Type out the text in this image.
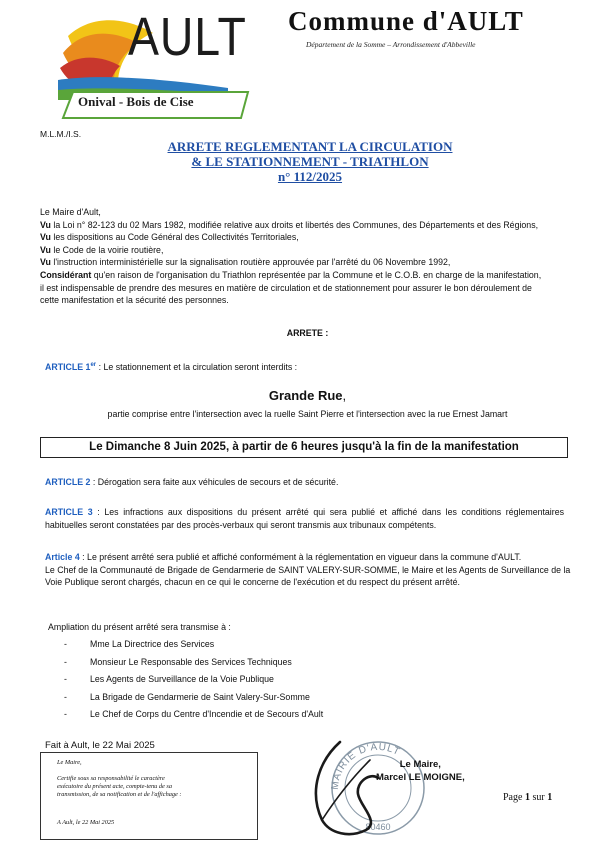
AULT
Onival - Bois de Cise
Commune d'AULT
Département de la Somme – Arrondissement d'Abbeville
M.L.M./I.S.
ARRETE REGLEMENTANT LA CIRCULATION
& LE STATIONNEMENT - TRIATHLON
n° 112/2025
Le Maire d'Ault,
Vu la Loi n° 82-123 du 02 Mars 1982, modifiée relative aux droits et libertés des Communes, des Départements et des Régions,
Vu les dispositions au Code Général des Collectivités Territoriales,
Vu le Code de la voirie routière,
Vu l'instruction interministérielle sur la signalisation routière approuvée par l'arrêté du 06 Novembre 1992,
Considérant qu'en raison de l'organisation du Triathlon représentée par la Commune et le C.O.B. en charge de la manifestation,
il est indispensable de prendre des mesures en matière de circulation et de stationnement pour assurer le bon déroulement de
cette manifestation et la sécurité des personnes.
ARRETE :
ARTICLE 1er : Le stationnement et la circulation seront interdits :
Grande Rue,
partie comprise entre l'intersection avec la ruelle Saint Pierre et l'intersection avec la rue Ernest Jamart
Le Dimanche 8 Juin 2025, à partir de 6 heures jusqu'à la fin de la manifestation
ARTICLE 2 : Dérogation sera faite aux véhicules de secours et de sécurité.
ARTICLE 3 : Les infractions aux dispositions du présent arrêté qui sera publié et affiché dans les conditions réglementaires habituelles seront constatées par des procès-verbaux qui seront transmis aux tribunaux compétents.
Article 4 : Le présent arrêté sera publié et affiché conformément à la réglementation en vigueur dans la commune d'AULT.
Le Chef de la Communauté de Brigade de Gendarmerie de SAINT VALERY-SUR-SOMME, le Maire et les Agents de Surveillance de la
Voie Publique seront chargés, chacun en ce qui le concerne de l'exécution et du respect du présent arrêté.
Ampliation du présent arrêté sera transmise à :
-	Mme La Directrice des Services
-	Monsieur Le Responsable des Services Techniques
-	Les Agents de Surveillance de la Voie Publique
-	La Brigade de Gendarmerie de Saint Valery-Sur-Somme
-	Le Chef de Corps du Centre d'Incendie et de Secours d'Ault
Fait à Ault, le 22 Mai 2025
Le Maire,
Certifie sous sa responsabilité le caractère
exécutoire du présent acte, compte-tenu de sa
transmission, de sa notification et de l'affichage :
A Ault, le 22 Mai 2025
MAIRIE D'AULT
80460
Le Maire,
Marcel LE MOIGNE,
Page 1 sur 1
